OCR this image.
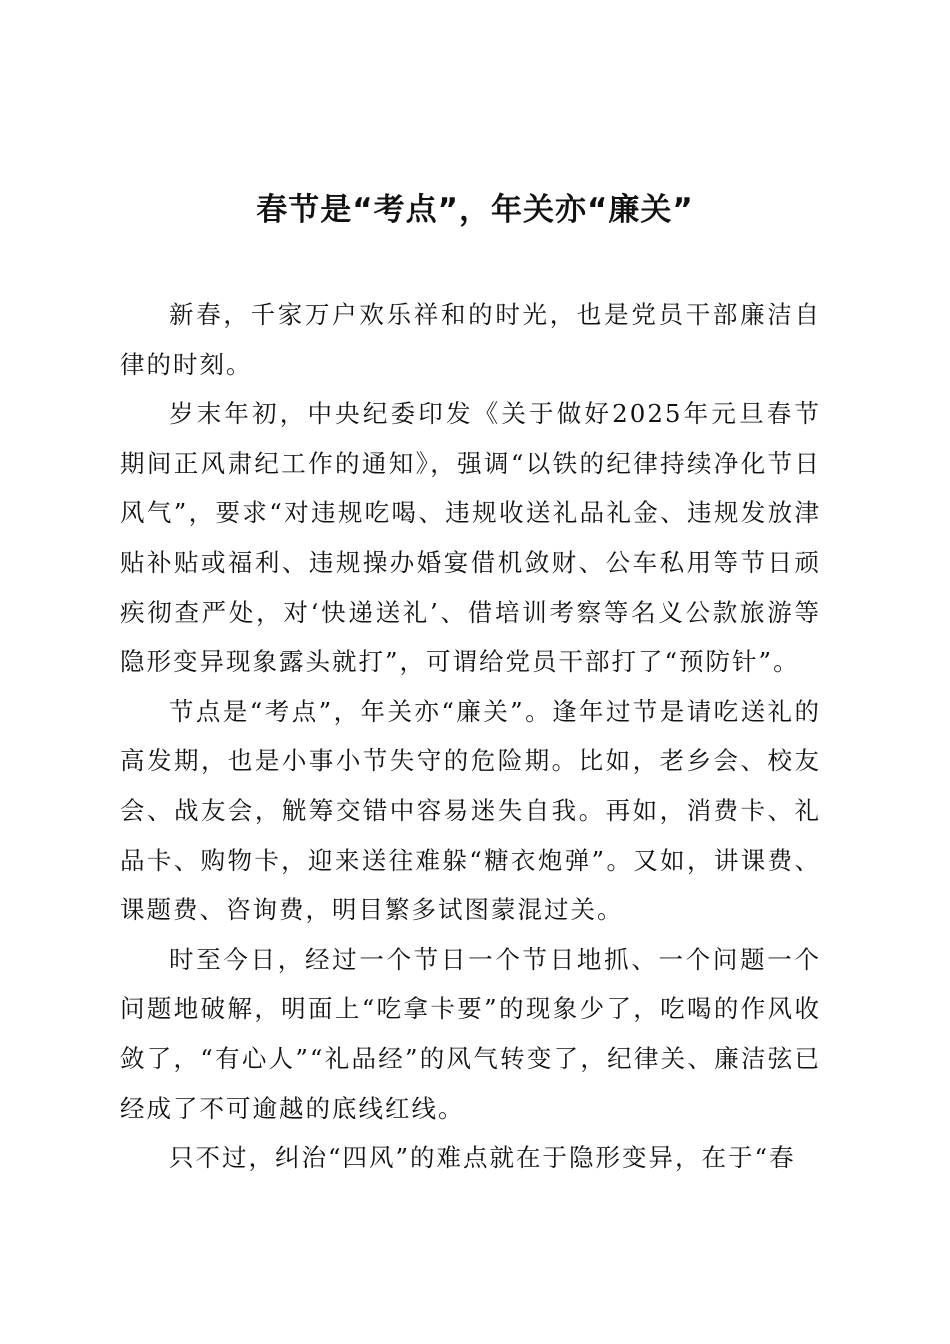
春节是“考点”，年关亦“廉关”

新春，千家万户欢乐祥和的时光，也是党员干部廉洁自律的时刻。

岁末年初，中央纪委印发《关于做好2025年元旦春节期间正风肃纪工作的通知》，强调“以铁的纪律持续净化节日风气”，要求“对违规吃喝、违规收送礼品礼金、违规发放津贴补贴或福利、违规操办婚宴借机敛财、公车私用等节日顽疾彻查严处，对‘快递送礼’、借培训考察等名义公款旅游等隐形变异现象露头就打”，可谓给党员干部打了“预防针”。

节点是“考点”，年关亦“廉关”。逢年过节是请吃送礼的高发期，也是小事小节失守的危险期。比如，老乡会、校友会、战友会，觥筹交错中容易迷失自我。再如，消费卡、礼品卡、购物卡，迎来送往难躲“糖衣炮弹”。又如，讲课费、课题费、咨询费，明目繁多试图蒙混过关。

时至今日，经过一个节日一个节日地抓、一个问题一个问题地破解，明面上“吃拿卡要”的现象少了，吃喝的作风收敛了，“有心人”“礼品经”的风气转变了，纪律关、廉洁弦已经成了不可逾越的底线红线。

只不过，纠治“四风”的难点就在于隐形变异，在于“春
